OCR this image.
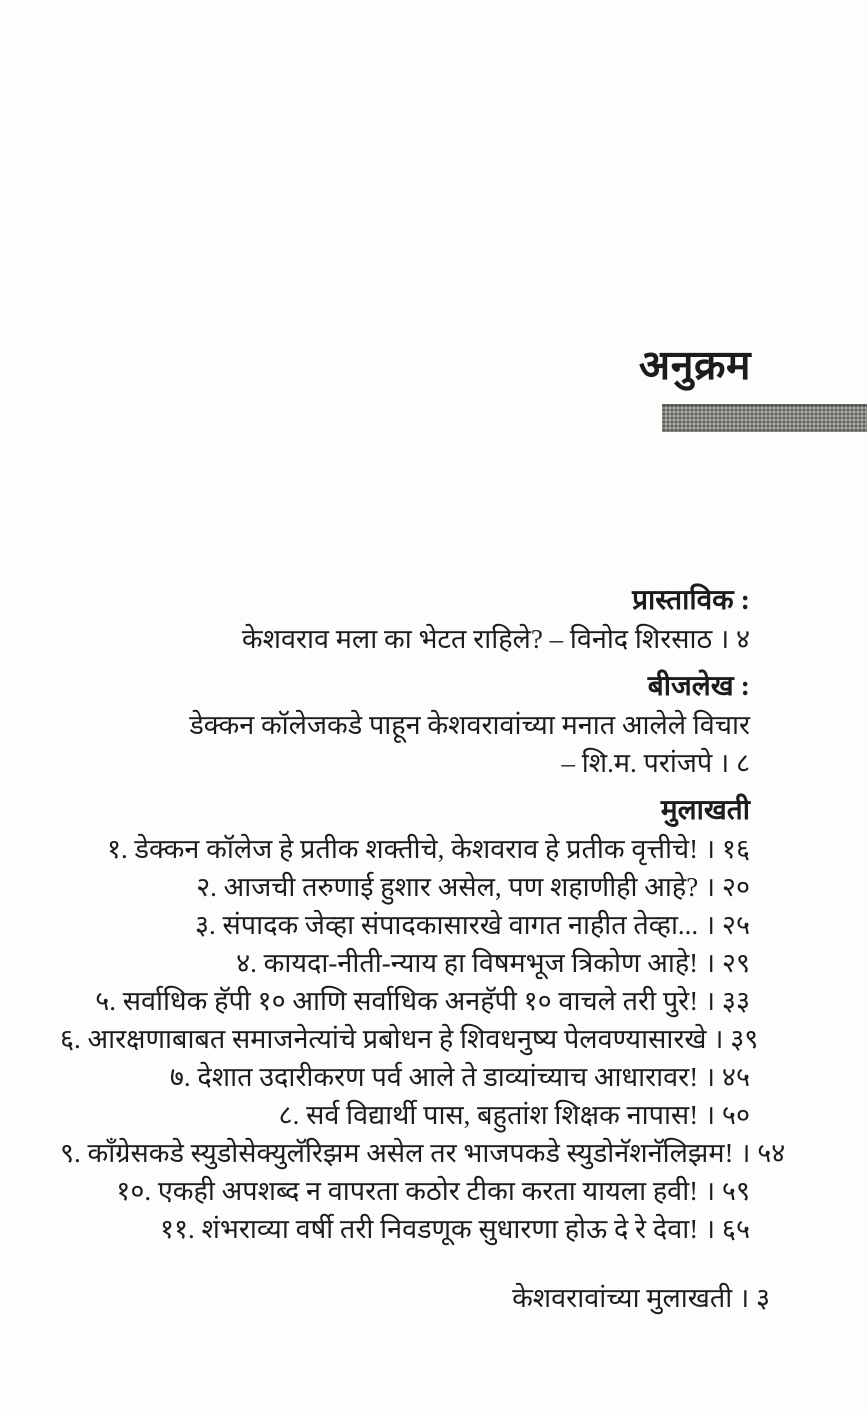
अनुक्रम
प्रास्ताविक :
केशवराव मला का भेटत राहिले? – विनोद शिरसाठ । ४
बीजलेख :
डेक्कन कॉलेजकडे पाहून केशवरावांच्या मनात आलेले विचार
– शि.म. परांजपे । ८
मुलाखती
१. डेक्कन कॉलेज हे प्रतीक शक्तीचे, केशवराव हे प्रतीक वृत्तीचे! । १६
२. आजची तरुणाई हुशार असेल, पण शहाणीही आहे? । २०
३. संपादक जेव्हा संपादकासारखे वागत नाहीत तेव्हा... । २५
४. कायदा-नीती-न्याय हा विषमभूज त्रिकोण आहे! । २९
५. सर्वाधिक हॅपी १० आणि सर्वाधिक अनहॅपी १० वाचले तरी पुरे! । ३३
६. आरक्षणाबाबत समाजनेत्यांचे प्रबोधन हे शिवधनुष्य पेलवण्यासारखे । ३९
७. देशात उदारीकरण पर्व आले ते डाव्यांच्याच आधारावर! । ४५
८. सर्व विद्यार्थी पास, बहुतांश शिक्षक नापास! । ५०
९. काँग्रेसकडे स्युडोसेक्युलॅरिझम असेल तर भाजपकडे स्युडोनॅशनॅलिझम! । ५४
१०. एकही अपशब्द न वापरता कठोर टीका करता यायला हवी! । ५९
११. शंभराव्या वर्षी तरी निवडणूक सुधारणा होऊ दे रे देवा! । ६५
केशवरावांच्या मुलाखती । ३
